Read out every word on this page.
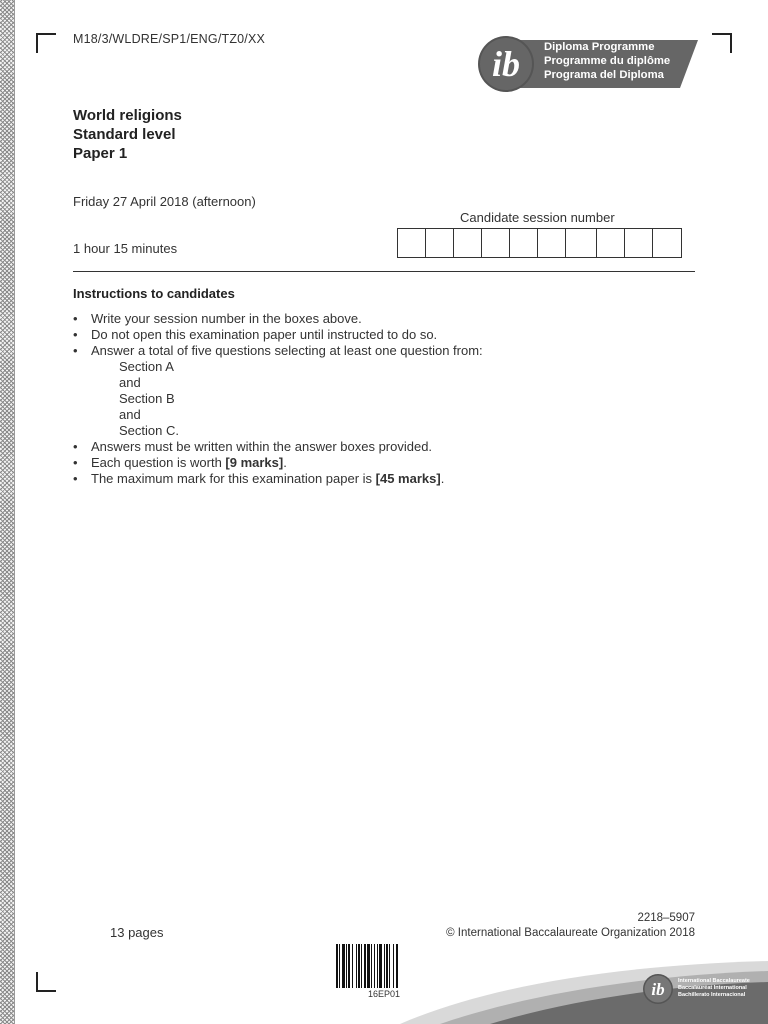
M18/3/WLDRE/SP1/ENG/TZ0/XX
ib Diploma Programme
Programme du diplôme
Programa del Diploma
World religions
Standard level
Paper 1
Friday 27 April 2018 (afternoon)
1 hour 15 minutes
Candidate session number
Instructions to candidates
• Write your session number in the boxes above.
• Do not open this examination paper until instructed to do so.
• Answer a total of five questions selecting at least one question from:
Section A
and
Section B
and
Section C.
• Answers must be written within the answer boxes provided.
• Each question is worth [9 marks].
• The maximum mark for this examination paper is [45 marks].
13 pages
2218–5907
© International Baccalaureate Organization 2018
16EP01	ib International Baccalaureate
Baccalauréat International
Bachillerato Internacional
